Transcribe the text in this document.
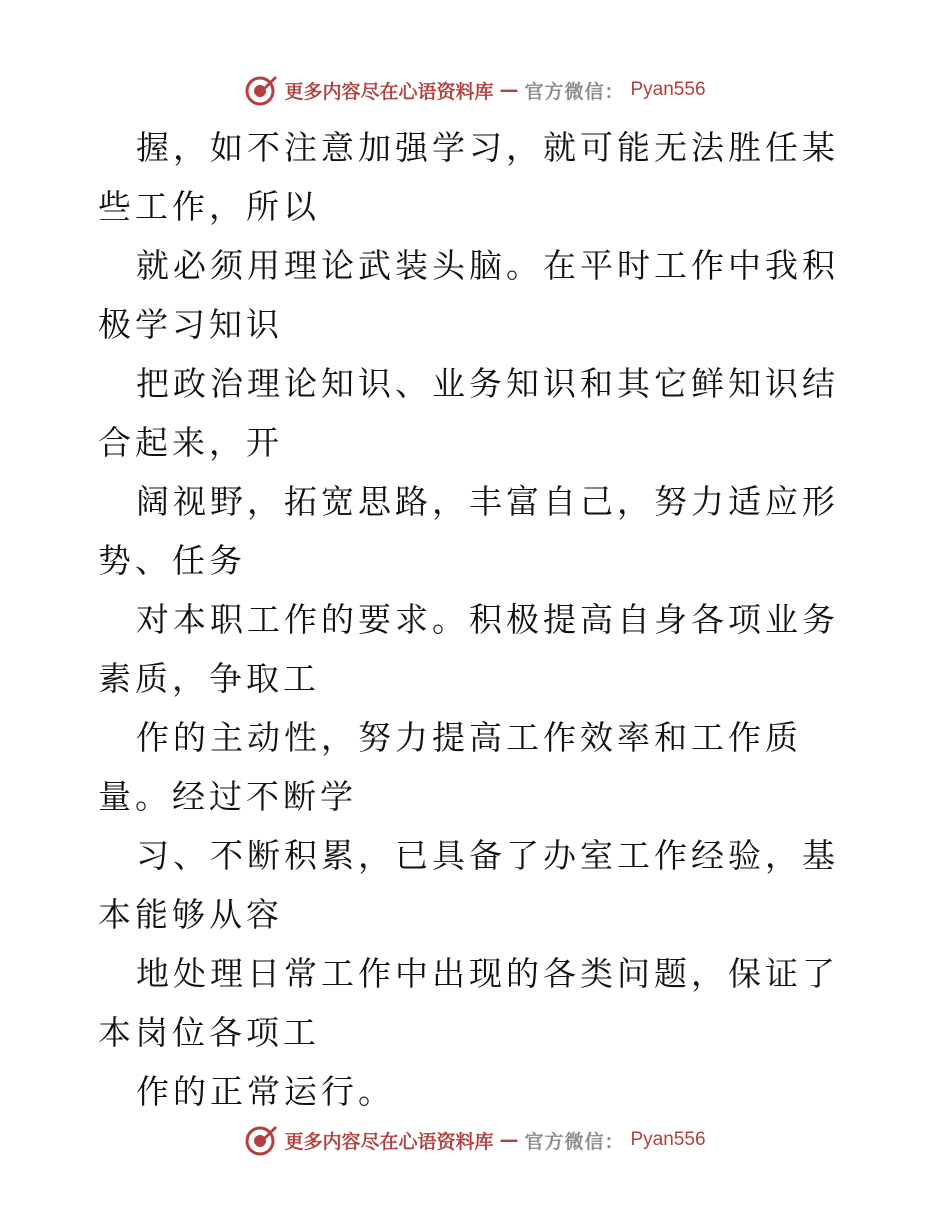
更多内容尽在心语资料库 — 官方微信： Pyan556

握，如不注意加强学习，就可能无法胜任某些工作，所以

就必须用理论武装头脑。在平时工作中我积极学习知识

把政治理论知识、业务知识和其它鲜知识结合起来，开

阔视野，拓宽思路，丰富自己，努力适应形势、任务

对本职工作的要求。积极提高自身各项业务素质，争取工

作的主动性，努力提高工作效率和工作质量。经过不断学

习、不断积累，已具备了办室工作经验，基本能够从容

地处理日常工作中出现的各类问题，保证了本岗位各项工

作的正常运行。

更多内容尽在心语资料库 — 官方微信： Pyan556
